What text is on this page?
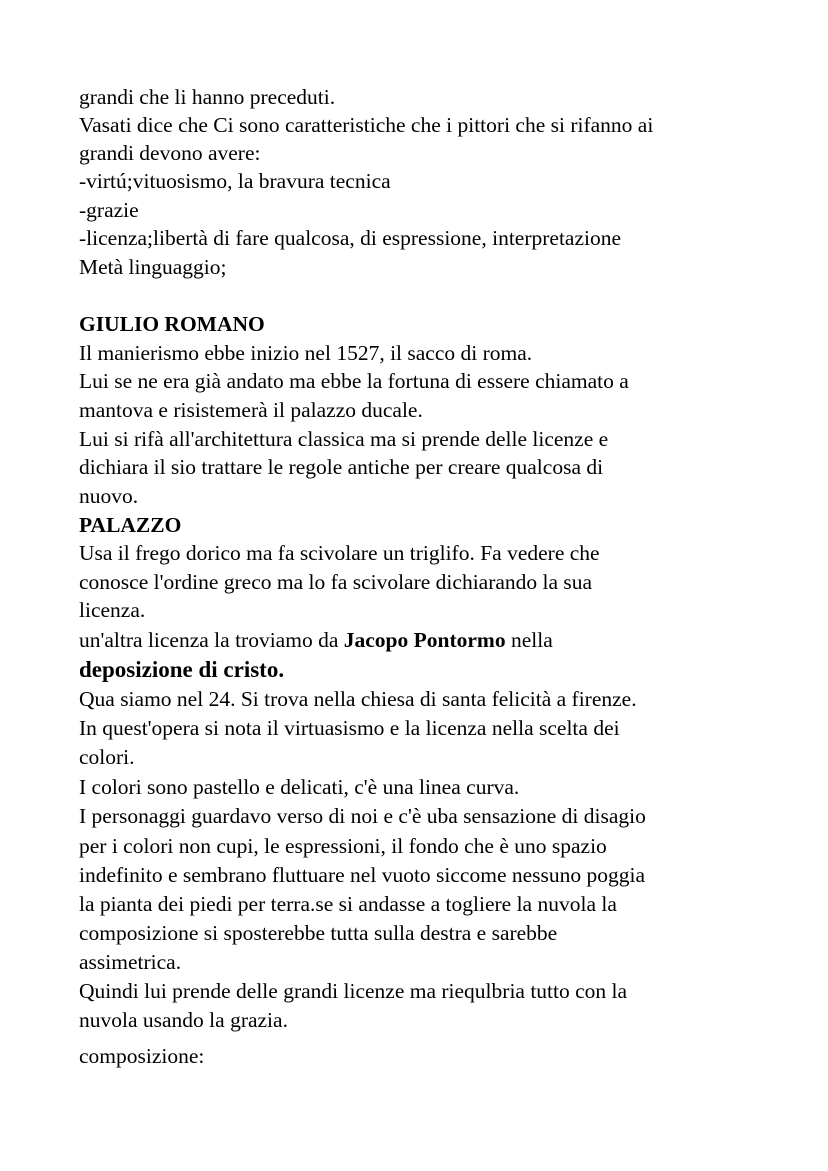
grandi che li hanno preceduti.
Vasati dice che Ci sono caratteristiche che i pittori che si rifanno ai
grandi devono avere:
-virtú;vituosismo, la bravura tecnica
-grazie
-licenza;libertà di fare qualcosa, di espressione, interpretazione
Metà linguaggio;
GIULIO ROMANO
Il manierismo ebbe inizio nel 1527, il sacco di roma.
Lui se ne era già andato ma ebbe la fortuna di essere chiamato a
mantova e risistemerà il palazzo ducale.
Lui si rifà all'architettura classica ma si prende delle licenze e
dichiara il sio trattare le regole antiche per creare qualcosa di
nuovo.
PALAZZO
Usa il frego dorico ma fa scivolare un triglifo. Fa vedere che
conosce l'ordine greco ma lo fa scivolare dichiarando la sua
licenza.
un'altra licenza la troviamo da Jacopo Pontormo nella
deposizione di cristo.
Qua siamo nel 24. Si trova nella chiesa di santa felicità a firenze.
In quest'opera si nota il virtuasismo e la licenza nella scelta dei
colori.
I colori sono pastello e delicati, c'è una linea curva.
I personaggi guardavo verso di noi e c'è uba sensazione di disagio
per i colori non cupi, le espressioni, il fondo che è uno spazio
indefinito e sembrano fluttuare nel vuoto siccome nessuno poggia
la pianta dei piedi per terra.se si andasse a togliere la nuvola la
composizione si sposterebbe tutta sulla destra e sarebbe
assimetrica.
Quindi lui prende delle grandi licenze ma riequlbria tutto con la
nuvola usando la grazia.
composizione:
